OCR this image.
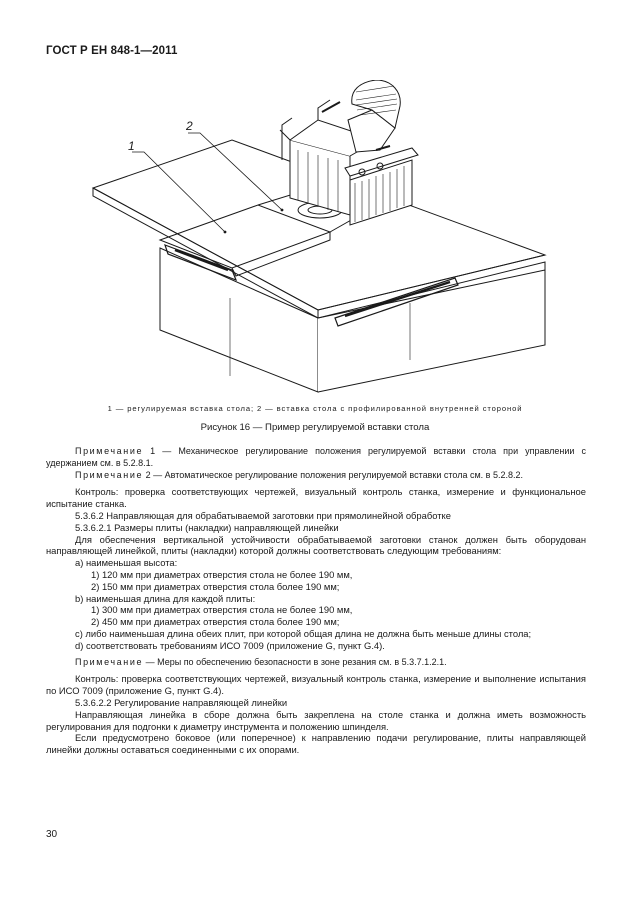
ГОСТ Р ЕН 848-1—2011
1
2
1 — регулируемая вставка стола; 2 — вставка стола с профилированной внутренней стороной
Рисунок 16 — Пример регулируемой вставки стола

Примечание 1 — Механическое регулирование положения регулируемой вставки стола при управлении с удержанием см. в 5.2.8.1.

Примечание 2 — Автоматическое регулирование положения регулируемой вставки стола см. в 5.2.8.2.

Контроль: проверка соответствующих чертежей, визуальный контроль станка, измерение и функциональное испытание станка.

5.3.6.2 Направляющая для обрабатываемой заготовки при прямолинейной обработке

5.3.6.2.1 Размеры плиты (накладки) направляющей линейки

Для обеспечения вертикальной устойчивости обрабатываемой заготовки станок должен быть оборудован направляющей линейкой, плиты (накладки) которой должны соответствовать следующим требованиям:

а) наименьшая высота:

1) 120 мм при диаметрах отверстия стола не более 190 мм,

2) 150 мм при диаметрах отверстия стола более 190 мм;

b) наименьшая длина для каждой плиты:

1) 300 мм при диаметрах отверстия стола не более 190 мм,

2) 450 мм при диаметрах отверстия стола более 190 мм;

с) либо наименьшая длина обеих плит, при которой общая длина не должна быть меньше длины стола;

d) соответствовать требованиям ИСО 7009 (приложение G, пункт G.4).

Примечание — Меры по обеспечению безопасности в зоне резания см. в 5.3.7.1.2.1.

Контроль: проверка соответствующих чертежей, визуальный контроль станка, измерение и выполнение испытания по ИСО 7009 (приложение G, пункт G.4).

5.3.6.2.2 Регулирование направляющей линейки

Направляющая линейка в сборе должна быть закреплена на столе станка и должна иметь возможность регулирования для подгонки к диаметру инструмента и положению шпинделя.

Если предусмотрено боковое (или поперечное) к направлению подачи регулирование, плиты направляющей линейки должны оставаться соединенными с их опорами.

30
